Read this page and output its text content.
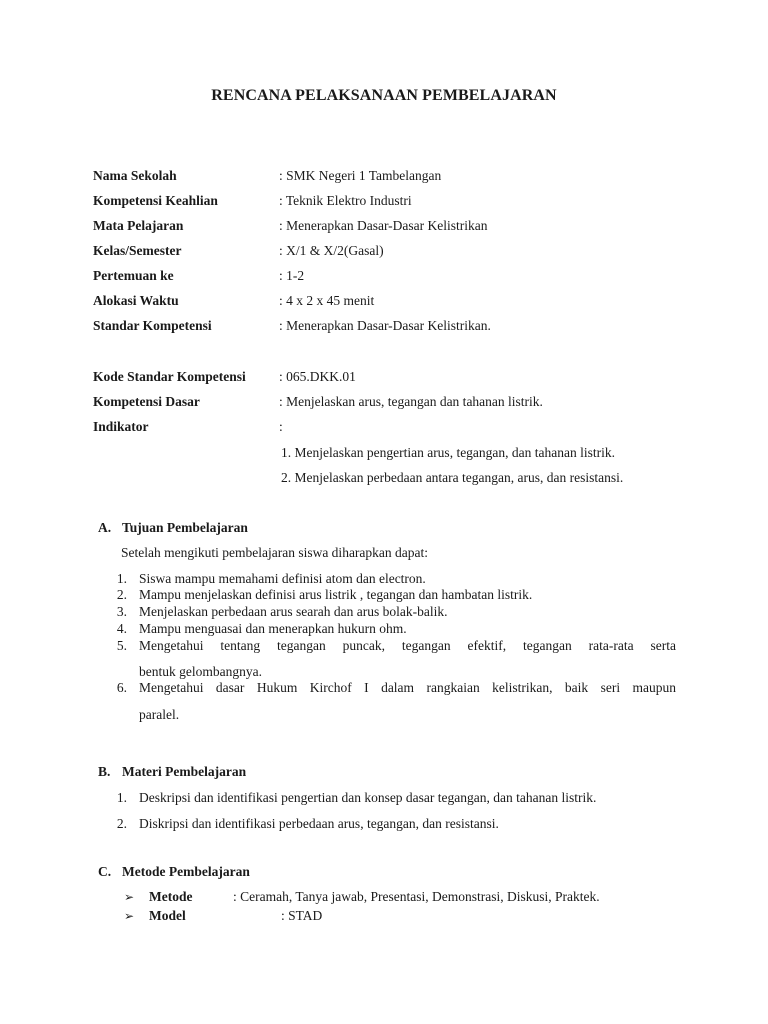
RENCANA PELAKSANAAN PEMBELAJARAN
Nama Sekolah	: SMK Negeri 1 Tambelangan
Kompetensi Keahlian	: Teknik Elektro Industri
Mata Pelajaran	: Menerapkan Dasar-Dasar Kelistrikan
Kelas/Semester	: X/1 & X/2(Gasal)
Pertemuan ke	: 1-2
Alokasi Waktu	: 4 x 2 x 45 menit
Standar Kompetensi	: Menerapkan Dasar-Dasar Kelistrikan.
Kode Standar Kompetensi : 065.DKK.01
Kompetensi Dasar	: Menjelaskan arus, tegangan dan tahanan listrik.
Indikator	:
1. Menjelaskan pengertian arus, tegangan, dan tahanan listrik.
2. Menjelaskan perbedaan antara tegangan, arus, dan resistansi.
A. Tujuan Pembelajaran
Setelah mengikuti pembelajaran siswa diharapkan dapat:
1. Siswa mampu memahami definisi atom dan electron.
2. Mampu menjelaskan definisi arus listrik , tegangan dan hambatan listrik.
3. Menjelaskan perbedaan arus searah dan arus bolak-balik.
4. Mampu menguasai dan menerapkan hukurn ohm.
5. Mengetahui tentang tegangan puncak, tegangan efektif, tegangan rata-rata serta
bentuk gelombangnya.
6. Mengetahui dasar Hukum Kirchof I dalam rangkaian kelistrikan, baik seri maupun
paralel.
B. Materi Pembelajaran
1. Deskripsi dan identifikasi pengertian dan konsep dasar tegangan, dan tahanan listrik.
2. Diskripsi dan identifikasi perbedaan arus, tegangan, dan resistansi.
C. Metode Pembelajaran
➢ Metode	: Ceramah, Tanya jawab, Presentasi, Demonstrasi, Diskusi, Praktek.
➢ Model	: STAD
